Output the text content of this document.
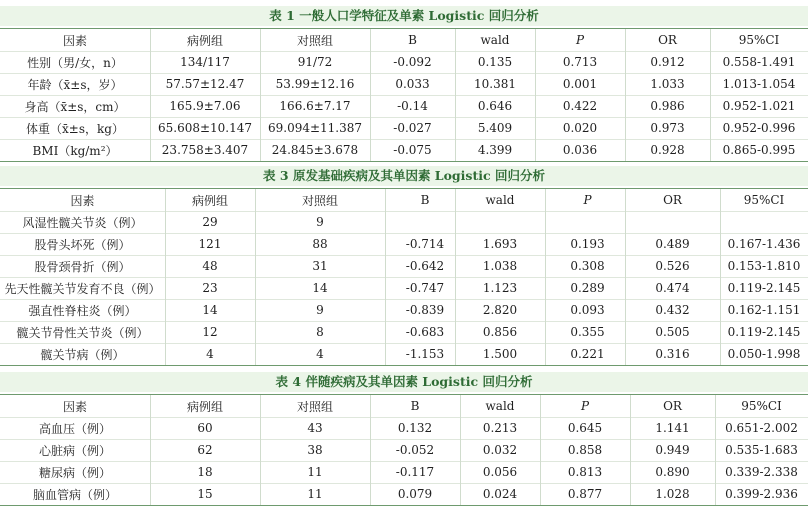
表 1 一般人口学特征及单素 Logistic 回归分析
因素	病例组	对照组	B	wald	P	OR	95%CI
性别（男/女，n）	134/117	91/72	-0.092	0.135	0.713	0.912	0.558-1.491
年龄（x̄±s，岁）	57.57±12.47	53.99±12.16	0.033	10.381	0.001	1.033	1.013-1.054
身高（x̄±s，cm）	165.9±7.06	166.6±7.17	-0.14	0.646	0.422	0.986	0.952-1.021
体重（x̄±s，kg）	65.608±10.147	69.094±11.387	-0.027	5.409	0.020	0.973	0.952-0.996
BMI（kg/m²）	23.758±3.407	24.845±3.678	-0.075	4.399	0.036	0.928	0.865-0.995
表 3 原发基础疾病及其单因素 Logistic 回归分析
因素	病例组	对照组	B	wald	P	OR	95%CI
风湿性髋关节炎（例）	29	9
股骨头坏死（例）	121	88	-0.714	1.693	0.193	0.489	0.167-1.436
股骨颈骨折（例）	48	31	-0.642	1.038	0.308	0.526	0.153-1.810
先天性髋关节发育不良（例）	23	14	-0.747	1.123	0.289	0.474	0.119-2.145
强直性脊柱炎（例）	14	9	-0.839	2.820	0.093	0.432	0.162-1.151
髋关节骨性关节炎（例）	12	8	-0.683	0.856	0.355	0.505	0.119-2.145
髋关节病（例）	4	4	-1.153	1.500	0.221	0.316	0.050-1.998
表 4 伴随疾病及其单因素 Logistic 回归分析
因素	病例组	对照组	B	wald	P	OR	95%CI
高血压（例）	60	43	0.132	0.213	0.645	1.141	0.651-2.002
心脏病（例）	62	38	-0.052	0.032	0.858	0.949	0.535-1.683
糖尿病（例）	18	11	-0.117	0.056	0.813	0.890	0.339-2.338
脑血管病（例）	15	11	0.079	0.024	0.877	1.028	0.399-2.936
